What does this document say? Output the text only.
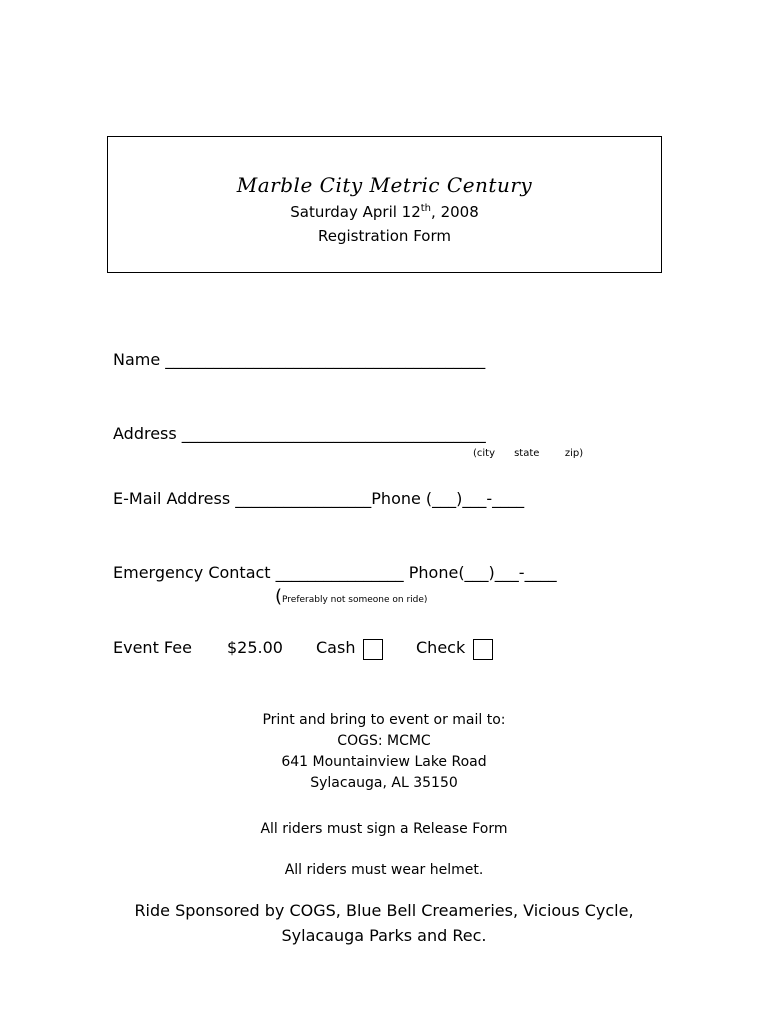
Marble City Metric Century
Saturday April 12th, 2008
Registration Form
Name ________________________________________
Address ______________________________________
(city      state        zip)
E-Mail Address _________________Phone (___)___-____
Emergency Contact ________________ Phone(___)___-____
(Preferably not someone on ride)
Event Fee $25.00 Cash	Check
Print and bring to event or mail to:
COGS: MCMC
641 Mountainview Lake Road
Sylacauga, AL 35150
All riders must sign a Release Form
All riders must wear helmet.
Ride Sponsored by COGS, Blue Bell Creameries, Vicious Cycle,
Sylacauga Parks and Rec.
